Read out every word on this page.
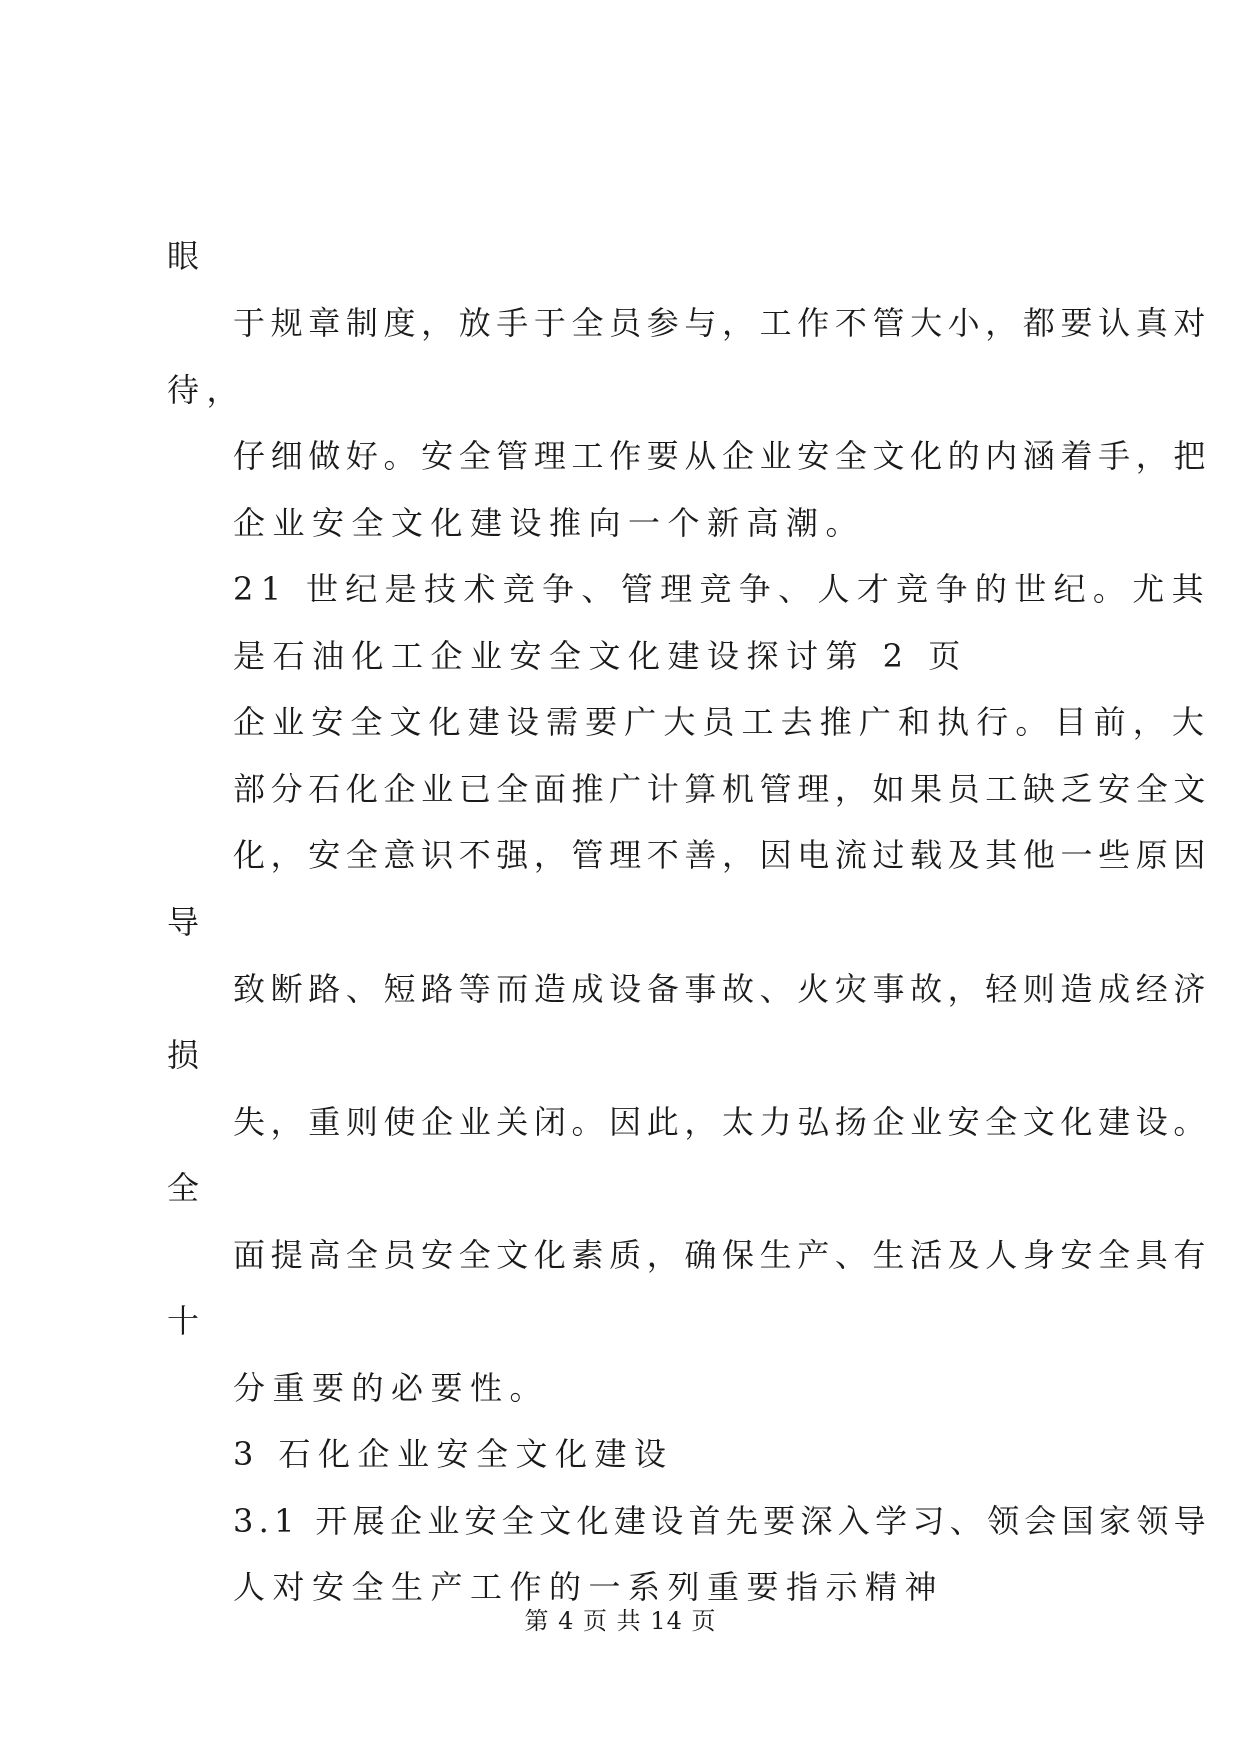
眼
于规章制度，放手于全员参与，工作不管大小，都要认真对
待，
仔细做好。安全管理工作要从企业安全文化的内涵着手，把
企业安全文化建设推向一个新高潮。
21 世纪是技术竞争、管理竞争、人才竞争的世纪。尤其
是石油化工企业安全文化建设探讨第 2 页
企业安全文化建设需要广大员工去推广和执行。目前，大
部分石化企业已全面推广计算机管理，如果员工缺乏安全文
化，安全意识不强，管理不善，因电流过载及其他一些原因
导
致断路、短路等而造成设备事故、火灾事故，轻则造成经济
损
失，重则使企业关闭。因此，太力弘扬企业安全文化建设。
全
面提高全员安全文化素质，确保生产、生活及人身安全具有
十
分重要的必要性。
3 石化企业安全文化建设
3.1 开展企业安全文化建设首先要深入学习、领会国家领导
人对安全生产工作的一系列重要指示精神
第 4 页 共 14 页
